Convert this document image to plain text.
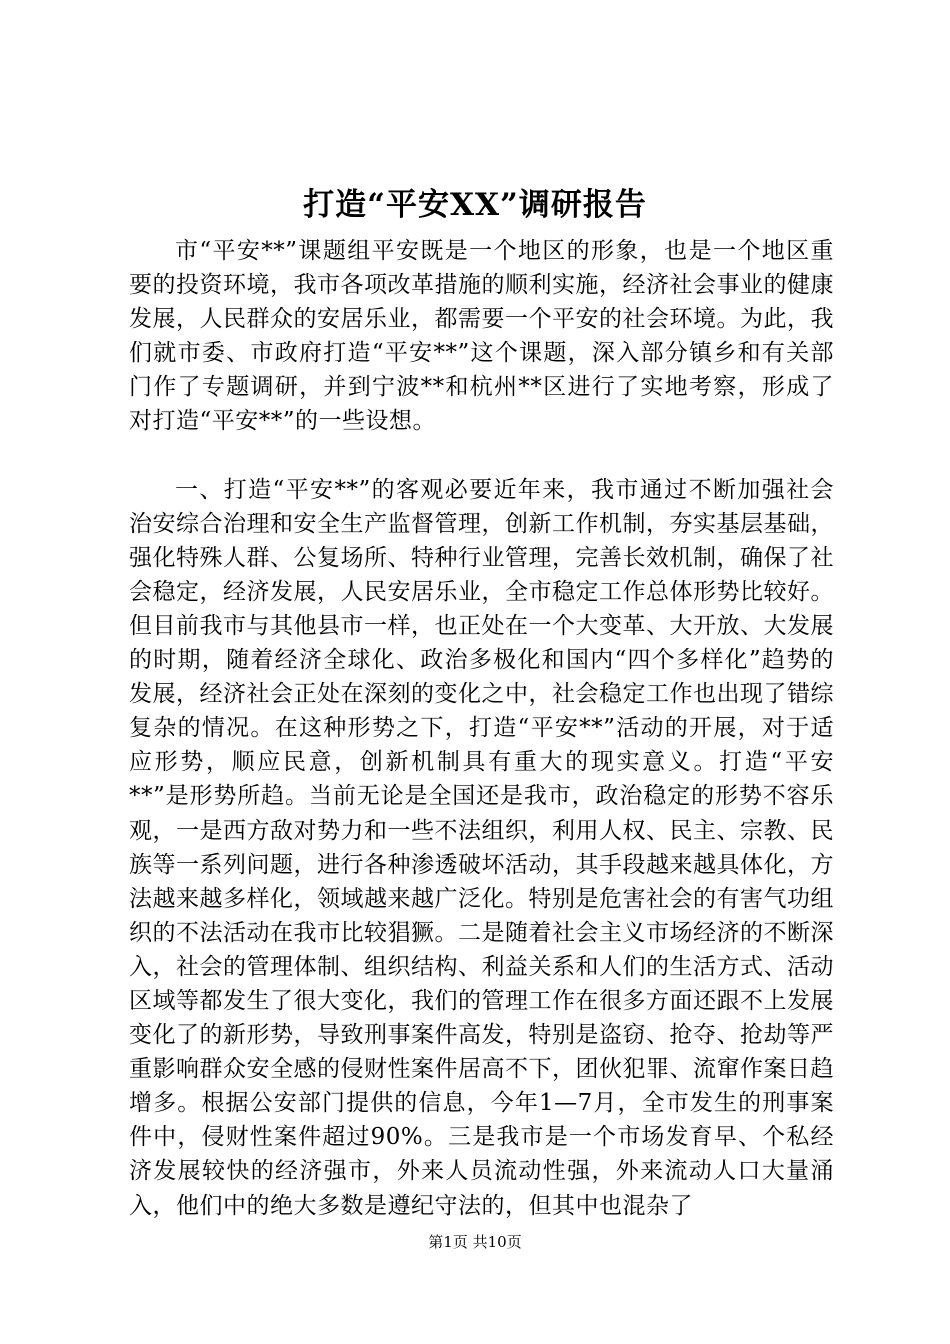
打造“平安XX”调研报告

市“平安**”课题组平安既是一个地区的形象，也是一个地区重要的投资环境，我市各项改革措施的顺利实施，经济社会事业的健康发展，人民群众的安居乐业，都需要一个平安的社会环境。为此，我们就市委、市政府打造“平安**”这个课题，深入部分镇乡和有关部门作了专题调研，并到宁波**和杭州**区进行了实地考察，形成了对打造“平安**”的一些设想。

一、打造“平安**”的客观必要近年来，我市通过不断加强社会治安综合治理和安全生产监督管理，创新工作机制，夯实基层基础，强化特殊人群、公复场所、特种行业管理，完善长效机制，确保了社会稳定，经济发展，人民安居乐业，全市稳定工作总体形势比较好。但目前我市与其他县市一样，也正处在一个大变革、大开放、大发展的时期，随着经济全球化、政治多极化和国内“四个多样化”趋势的发展，经济社会正处在深刻的变化之中，社会稳定工作也出现了错综复杂的情况。在这种形势之下，打造“平安**”活动的开展，对于适应形势，顺应民意，创新机制具有重大的现实意义。打造“平安**”是形势所趋。当前无论是全国还是我市，政治稳定的形势不容乐观，一是西方敌对势力和一些不法组织，利用人权、民主、宗教、民族等一系列问题，进行各种渗透破坏活动，其手段越来越具体化，方法越来越多样化，领域越来越广泛化。特别是危害社会的有害气功组织的不法活动在我市比较猖獗。二是随着社会主义市场经济的不断深入，社会的管理体制、组织结构、利益关系和人们的生活方式、活动区域等都发生了很大变化，我们的管理工作在很多方面还跟不上发展变化了的新形势，导致刑事案件高发，特别是盗窃、抢夺、抢劫等严重影响群众安全感的侵财性案件居高不下，团伙犯罪、流窜作案日趋增多。根据公安部门提供的信息，今年1—7月，全市发生的刑事案件中，侵财性案件超过90%。三是我市是一个市场发育早、个私经济发展较快的经济强市，外来人员流动性强，外来流动人口大量涌入，他们中的绝大多数是遵纪守法的，但其中也混杂了

第1页 共10页
